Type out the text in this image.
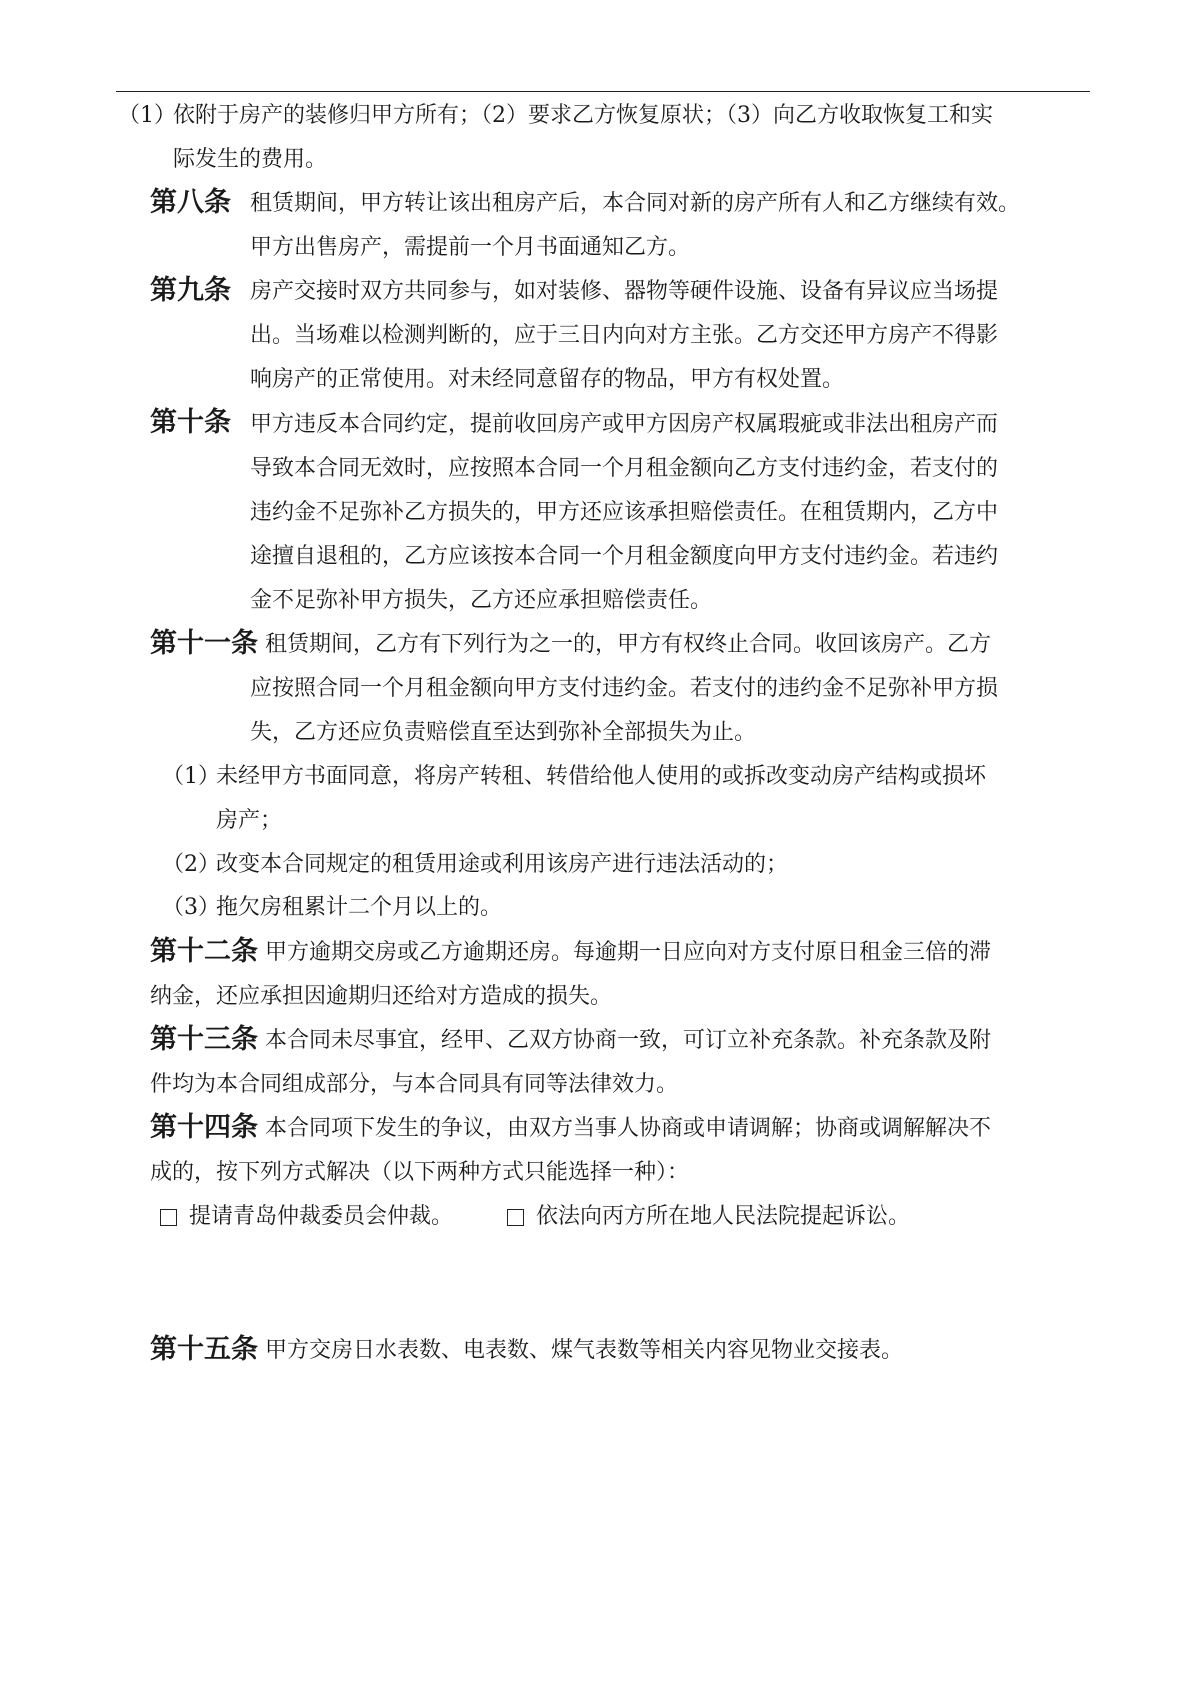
（1）
依附于房产的装修归甲方所有；（2）要求乙方恢复原状；（3）向乙方收取恢复工和实
际发生的费用。
第八条 租赁期间，甲方转让该出租房产后，本合同对新的房产所有人和乙方继续有效。
甲方出售房产，需提前一个月书面通知乙方。
第九条 房产交接时双方共同参与，如对装修、器物等硬件设施、设备有异议应当场提
出。当场难以检测判断的，应于三日内向对方主张。乙方交还甲方房产不得影
响房产的正常使用。对未经同意留存的物品，甲方有权处置。
第十条 甲方违反本合同约定，提前收回房产或甲方因房产权属瑕疵或非法出租房产而
导致本合同无效时，应按照本合同一个月租金额向乙方支付违约金，若支付的
违约金不足弥补乙方损失的，甲方还应该承担赔偿责任。在租赁期内，乙方中
途擅自退租的，乙方应该按本合同一个月租金额度向甲方支付违约金。若违约
金不足弥补甲方损失，乙方还应承担赔偿责任。
第十一条 租赁期间，乙方有下列行为之一的，甲方有权终止合同。收回该房产。乙方
应按照合同一个月租金额向甲方支付违约金。若支付的违约金不足弥补甲方损
失，乙方还应负责赔偿直至达到弥补全部损失为止。
（1）
未经甲方书面同意，将房产转租、转借给他人使用的或拆改变动房产结构或损坏
房产；
（2）
改变本合同规定的租赁用途或利用该房产进行违法活动的；
（3）
拖欠房租累计二个月以上的。
第十二条 甲方逾期交房或乙方逾期还房。每逾期一日应向对方支付原日租金三倍的滞
纳金，还应承担因逾期归还给对方造成的损失。
第十三条 本合同未尽事宜，经甲、乙双方协商一致，可订立补充条款。补充条款及附
件均为本合同组成部分，与本合同具有同等法律效力。
第十四条 本合同项下发生的争议，由双方当事人协商或申请调解；协商或调解解决不
成的，按下列方式解决（以下两种方式只能选择一种）：
提请青岛仲裁委员会仲裁。	依法向丙方所在地人民法院提起诉讼。
第十五条 甲方交房日水表数、电表数、煤气表数等相关内容见物业交接表。
